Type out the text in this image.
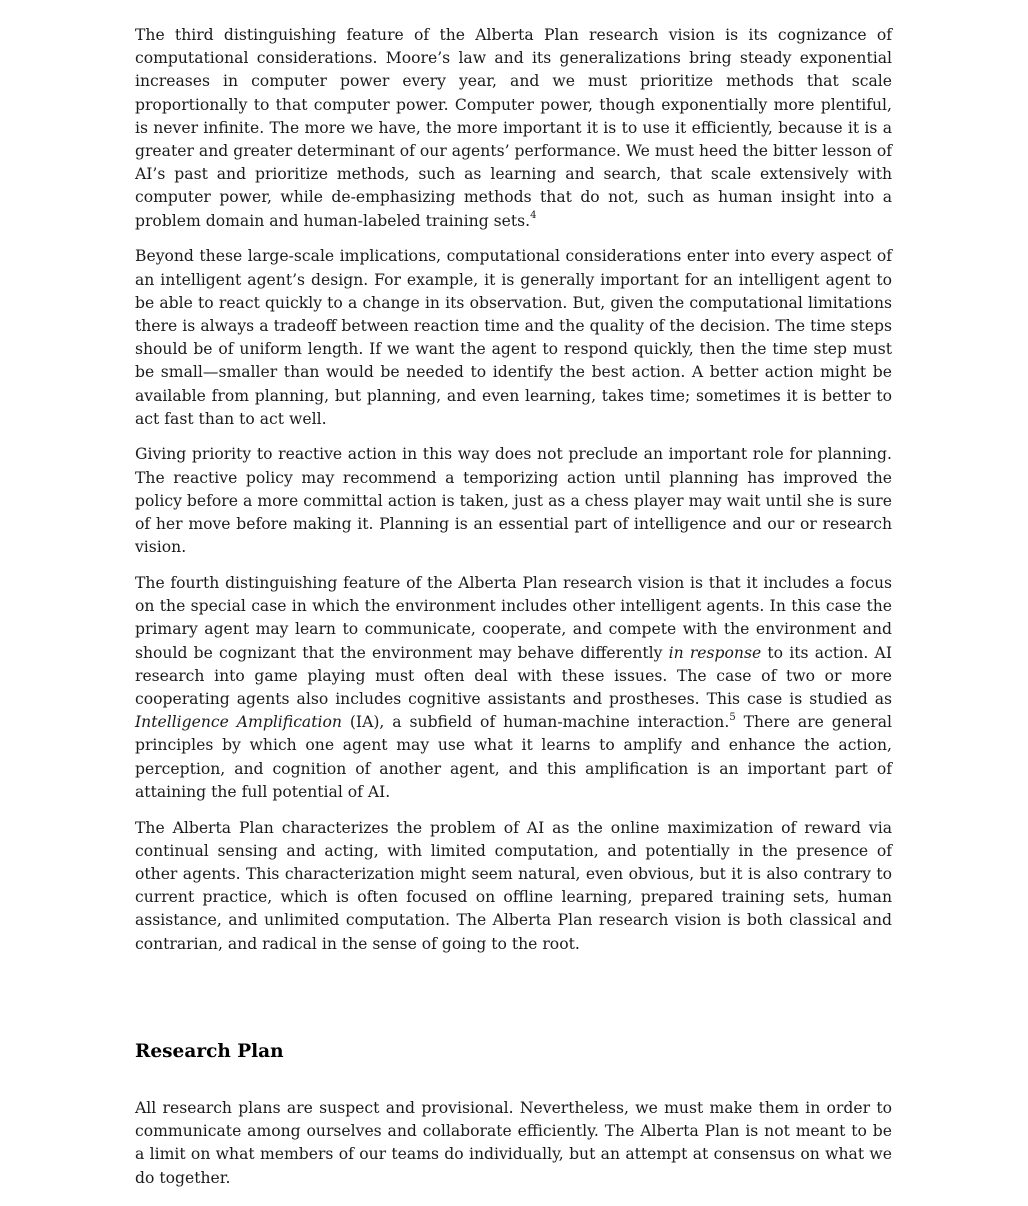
The third distinguishing feature of the Alberta Plan research vision is its cognizance of computational considerations. Moore’s law and its generalizations bring steady exponential increases in computer power every year, and we must prioritize methods that scale proportionally to that computer power. Computer power, though exponentially more plentiful, is never infinite. The more we have, the more important it is to use it efficiently, because it is a greater and greater determinant of our agents’ performance. We must heed the bitter lesson of AI’s past and prioritize methods, such as learning and search, that scale extensively with computer power, while de-emphasizing methods that do not, such as human insight into a problem domain and human-labeled training sets.$^4$

Beyond these large-scale implications, computational considerations enter into every aspect of an intelligent agent’s design. For example, it is generally important for an intelligent agent to be able to react quickly to a change in its observation. But, given the computational limitations there is always a tradeoff between reaction time and the quality of the decision. The time steps should be of uniform length. If we want the agent to respond quickly, then the time step must be small—smaller than would be needed to identify the best action. A better action might be available from planning, but planning, and even learning, takes time; sometimes it is better to act fast than to act well.

Giving priority to reactive action in this way does not preclude an important role for planning. The reactive policy may recommend a temporizing action until planning has improved the policy before a more committal action is taken, just as a chess player may wait until she is sure of her move before making it. Planning is an essential part of intelligence and our or research vision.

The fourth distinguishing feature of the Alberta Plan research vision is that it includes a focus on the special case in which the environment includes other intelligent agents. In this case the primary agent may learn to communicate, cooperate, and compete with the environment and should be cognizant that the environment may behave differently in response to its action. AI research into game playing must often deal with these issues. The case of two or more cooperating agents also includes cognitive assistants and prostheses. This case is studied as Intelligence Amplification (IA), a subfield of human-machine interaction.$^5$ There are general principles by which one agent may use what it learns to amplify and enhance the action, perception, and cognition of another agent, and this amplification is an important part of attaining the full potential of AI.

The Alberta Plan characterizes the problem of AI as the online maximization of reward via continual sensing and acting, with limited computation, and potentially in the presence of other agents. This characterization might seem natural, even obvious, but it is also contrary to current practice, which is often focused on offline learning, prepared training sets, human assistance, and unlimited computation. The Alberta Plan research vision is both classical and contrarian, and radical in the sense of going to the root.

Research Plan

All research plans are suspect and provisional. Nevertheless, we must make them in order to communicate among ourselves and collaborate efficiently. The Alberta Plan is not meant to be a limit on what members of our teams do individually, but an attempt at consensus on what we do together.
